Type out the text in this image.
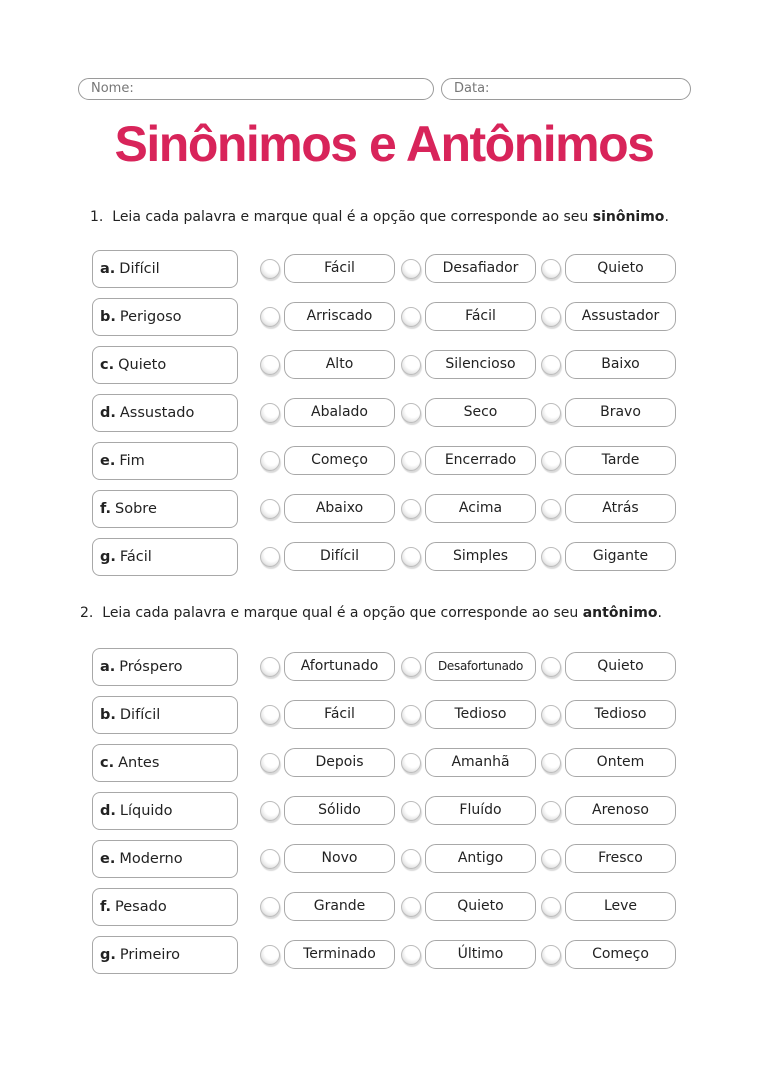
Nome:	Data:
Sinônimos e Antônimos
1. Leia cada palavra e marque qual é a opção que corresponde ao seu sinônimo.
a. Difícil	Fácil	Desafiador	Quieto
b. Perigoso	Arriscado	Fácil	Assustador
c. Quieto	Alto	Silencioso	Baixo
d. Assustado	Abalado	Seco	Bravo
e. Fim	Começo	Encerrado	Tarde
f. Sobre	Abaixo	Acima	Atrás
g. Fácil	Difícil	Simples	Gigante
2. Leia cada palavra e marque qual é a opção que corresponde ao seu antônimo.
a. Próspero	Afortunado	Desafortunado	Quieto
b. Difícil	Fácil	Tedioso	Tedioso
c. Antes	Depois	Amanhã	Ontem
d. Líquido	Sólido	Fluído	Arenoso
e. Moderno	Novo	Antigo	Fresco
f. Pesado	Grande	Quieto	Leve
g. Primeiro	Terminado	Último	Começo
